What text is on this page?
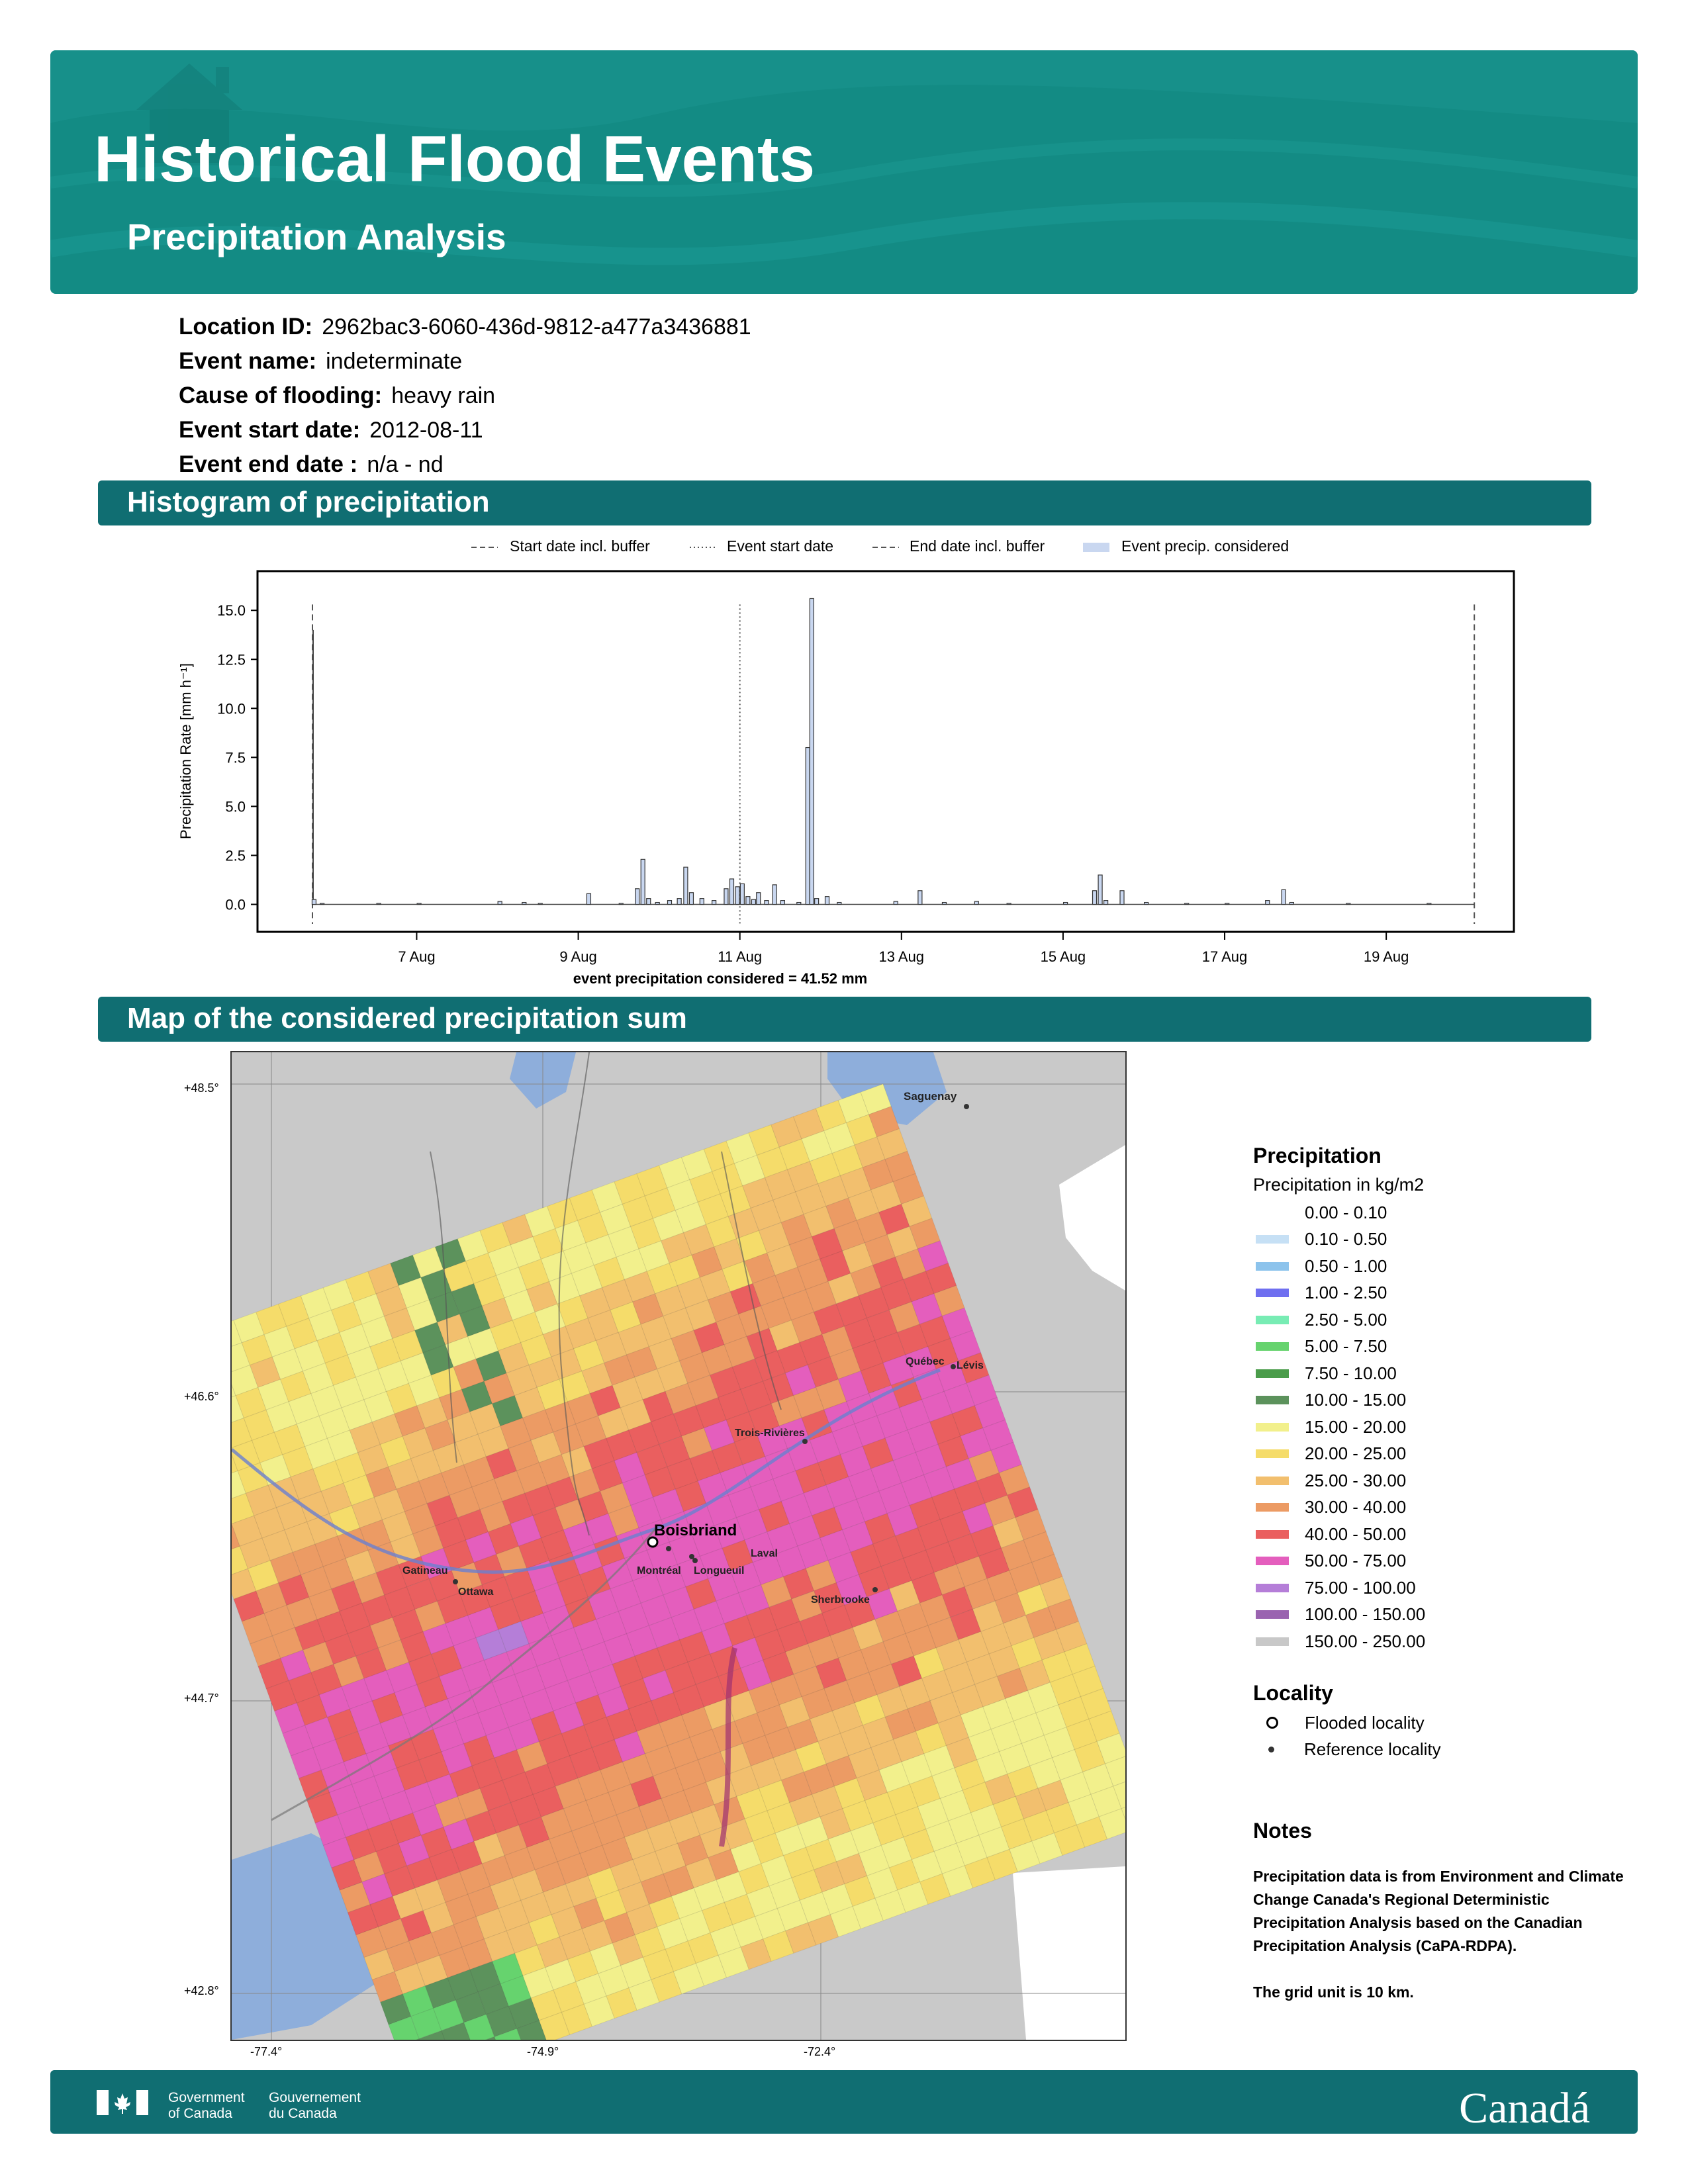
Historical Flood Events
Precipitation Analysis
Location ID: 2962bac3-6060-436d-9812-a477a3436881
Event name: indeterminate
Cause of flooding: heavy rain
Event start date: 2012-08-11
Event end date : n/a - nd
Histogram of precipitation
Start date incl. buffer	Event start date	End date incl. buffer	Event precip. considered
0.0
2.5
5.0
7.5
10.0
12.5
15.0
7 Aug	9 Aug	11 Aug	13 Aug	15 Aug	17 Aug	19 Aug
Precipitation Rate [mm h⁻¹]
event precipitation considered = 41.52 mm
Map of the considered precipitation sum
Saguenay
Québec Lévis
Trois-Rivières
Boisbriand
Laval
Montréal Longueuil
Gatineau
Ottawa
Sherbrooke
+48.5°
+46.6°
+44.7°
+42.8°
-77.4°	-74.9°	-72.4°
Precipitation
Precipitation in kg/m2
0.00 - 0.10
0.10 - 0.50
0.50 - 1.00
1.00 - 2.50
2.50 - 5.00
5.00 - 7.50
7.50 - 10.00
10.00 - 15.00
15.00 - 20.00
20.00 - 25.00
25.00 - 30.00
30.00 - 40.00
40.00 - 50.00
50.00 - 75.00
75.00 - 100.00
100.00 - 150.00
150.00 - 250.00
Locality
Flooded locality
Reference locality
Notes
Precipitation data is from Environment and Climate Change Canada's Regional Deterministic Precipitation Analysis based on the Canadian Precipitation Analysis (CaPA-RDPA).
The grid unit is 10 km.
Government
of Canada
Gouvernement
du Canada	Canadá
